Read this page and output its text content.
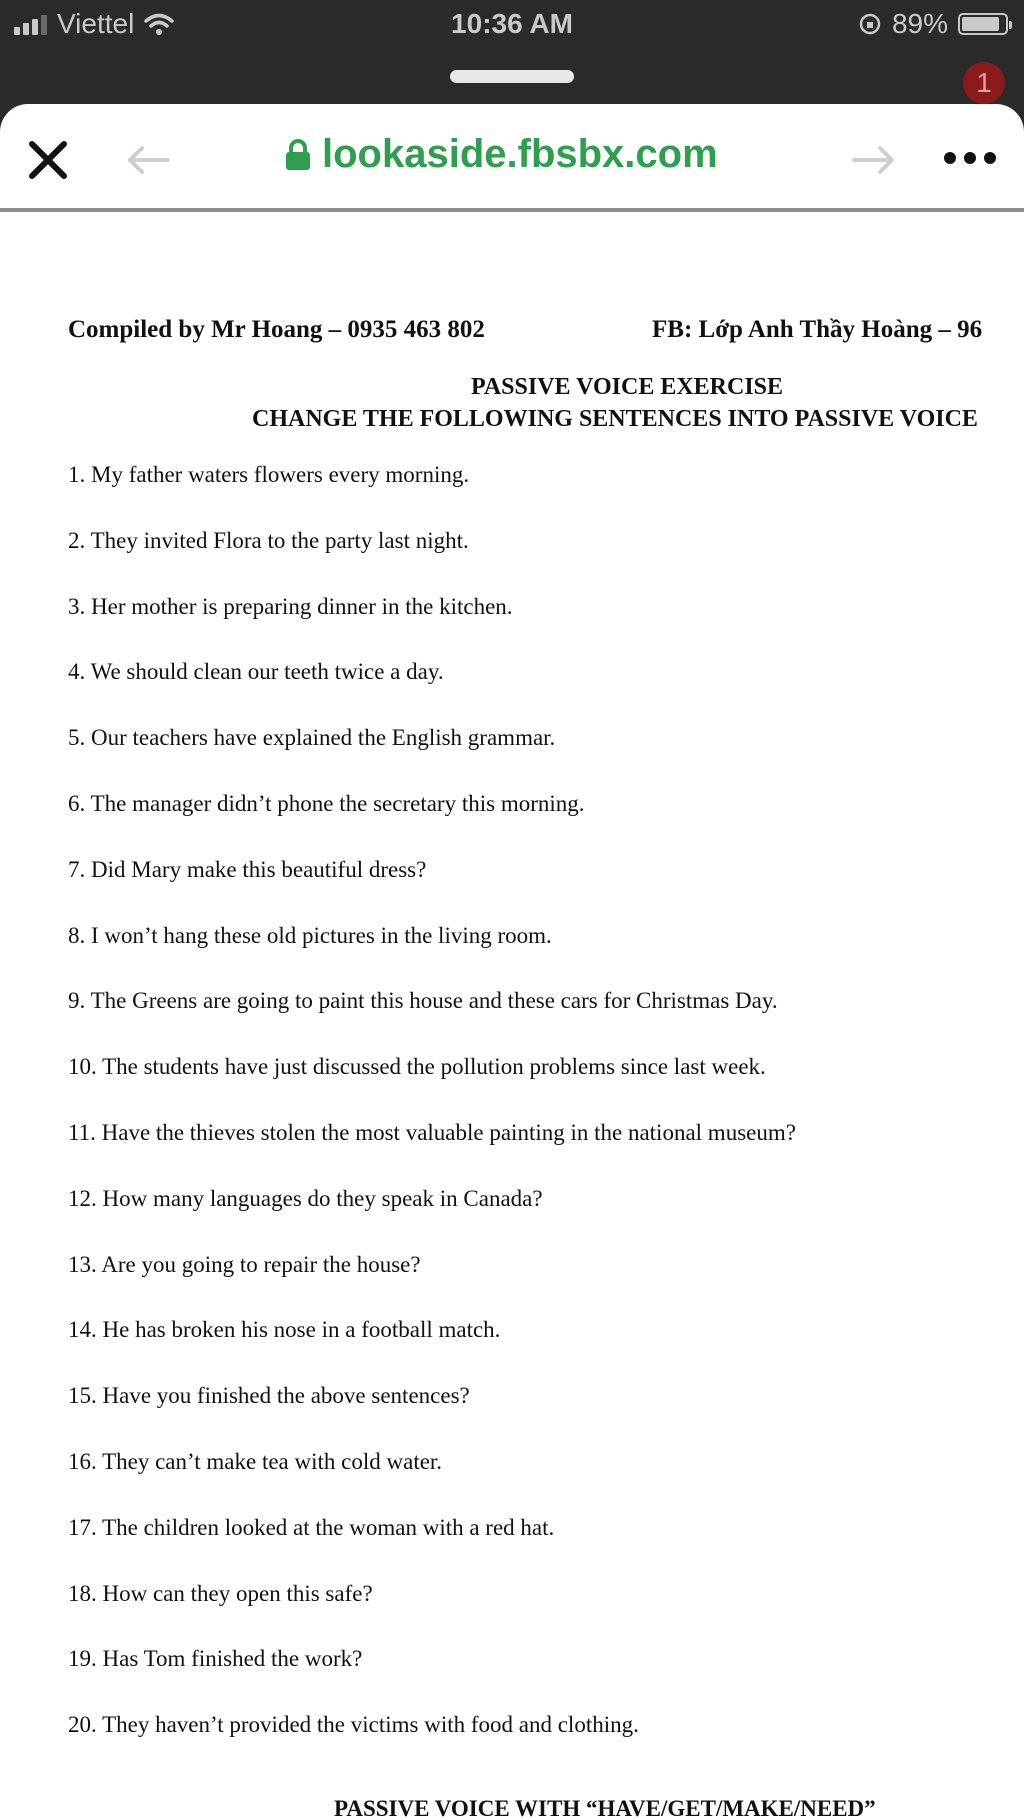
Viettel	10:36 AM	89%
1
lookaside.fbsbx.com
Compiled by Mr Hoang – 0935 463 802	FB: Lớp Anh Thầy Hoàng – 96
PASSIVE VOICE EXERCISE
CHANGE THE FOLLOWING SENTENCES INTO PASSIVE VOICE
1. My father waters flowers every morning.
2. They invited Flora to the party last night.
3. Her mother is preparing dinner in the kitchen.
4. We should clean our teeth twice a day.
5. Our teachers have explained the English grammar.
6. The manager didn’t phone the secretary this morning.
7. Did Mary make this beautiful dress?
8. I won’t hang these old pictures in the living room.
9. The Greens are going to paint this house and these cars for Christmas Day.
10. The students have just discussed the pollution problems since last week.
11. Have the thieves stolen the most valuable painting in the national museum?
12. How many languages do they speak in Canada?
13. Are you going to repair the house?
14. He has broken his nose in a football match.
15. Have you finished the above sentences?
16. They can’t make tea with cold water.
17. The children looked at the woman with a red hat.
18. How can they open this safe?
19. Has Tom finished the work?
20. They haven’t provided the victims with food and clothing.
PASSIVE VOICE WITH “HAVE/GET/MAKE/NEED”
